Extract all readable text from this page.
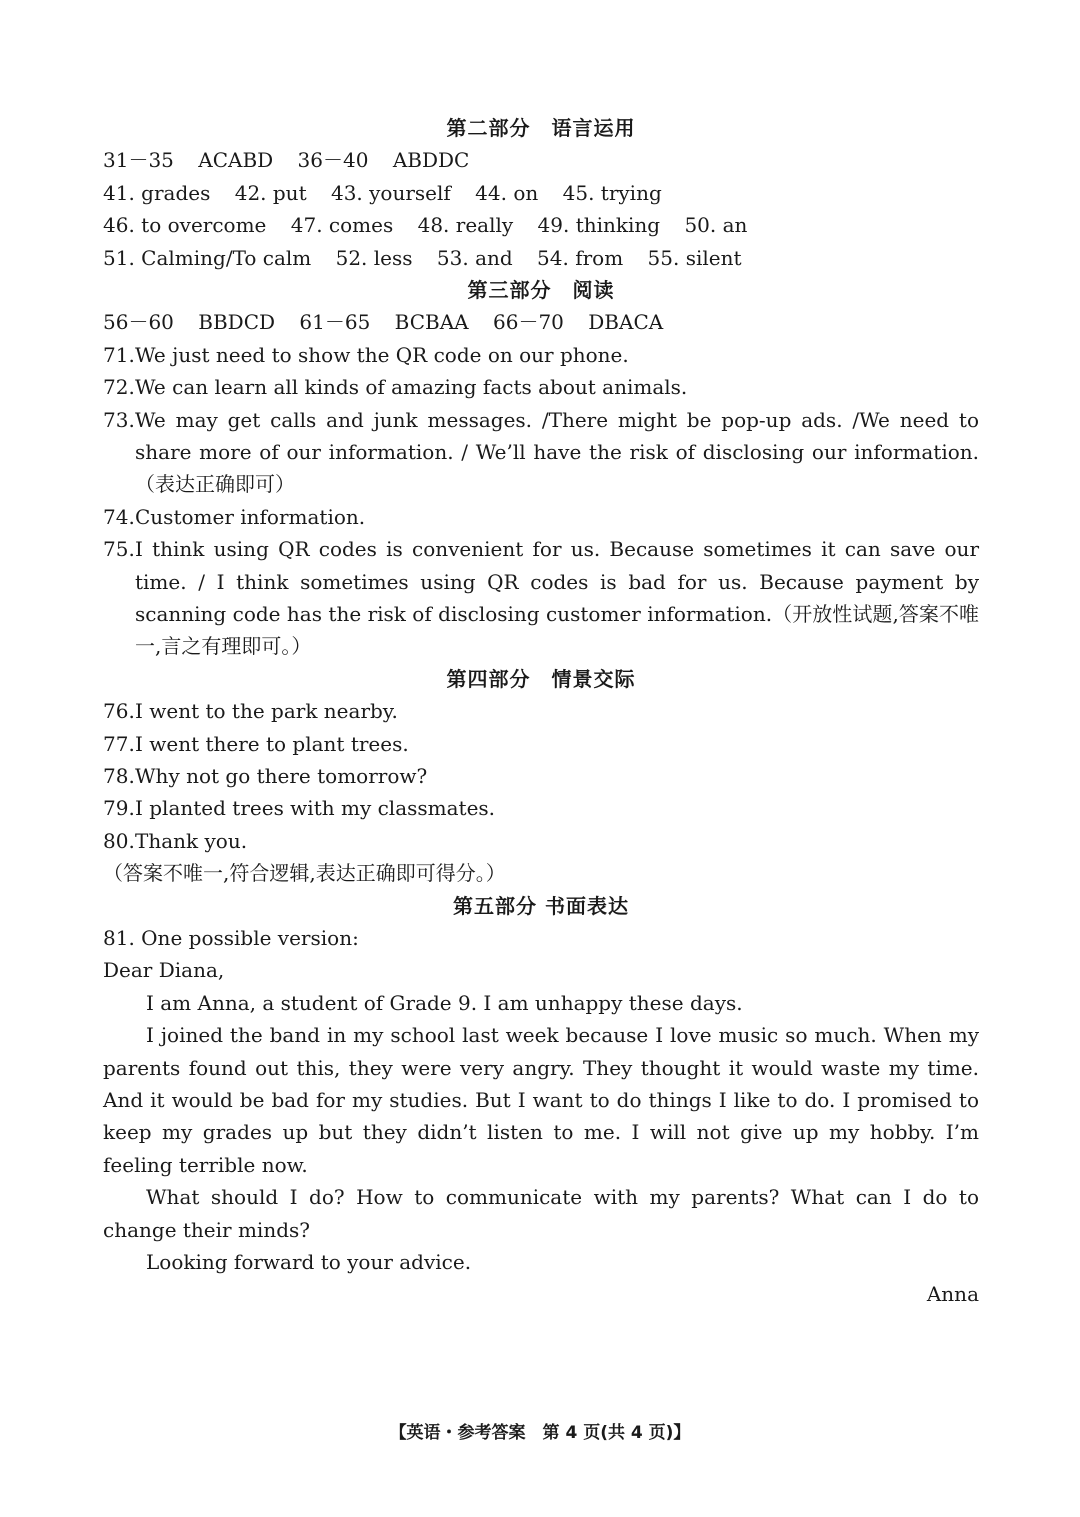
第二部分　语言运用
31－35 ACABD 36－40 ABDDC
41. grades 42. put 43. yourself 44. on 45. trying
46. to overcome 47. comes 48. really 49. thinking 50. an
51. Calming/To calm 52. less 53. and 54. from 55. silent
第三部分　阅读
56－60 BBDCD 61－65 BCBAA 66－70 DBACA
71. We just need to show the QR code on our phone.
72. We can learn all kinds of amazing facts about animals.
73. We may get calls and junk messages. /There might be pop-up ads. /We need to share more of our information. / We’ll have the risk of disclosing our information.（表达正确即可）
74. Customer information.
75. I think using QR codes is convenient for us. Because sometimes it can save our time. / I think sometimes using QR codes is bad for us. Because payment by scanning code has the risk of disclosing customer information.（开放性试题,答案不唯一,言之有理即可。）
第四部分　情景交际
76. I went to the park nearby.
77. I went there to plant trees.
78. Why not go there tomorrow?
79. I planted trees with my classmates.
80. Thank you.
（答案不唯一,符合逻辑,表达正确即可得分。）
第五部分 书面表达
81. One possible version:
Dear Diana,
I am Anna, a student of Grade 9. I am unhappy these days.
I joined the band in my school last week because I love music so much. When my parents found out this, they were very angry. They thought it would waste my time. And it would be bad for my studies. But I want to do things I like to do. I promised to keep my grades up but they didn’t listen to me. I will not give up my hobby. I’m feeling terrible now.
What should I do? How to communicate with my parents? What can I do to change their minds?
Looking forward to your advice.
Anna
【英语・参考答案　第 4 页(共 4 页)】
